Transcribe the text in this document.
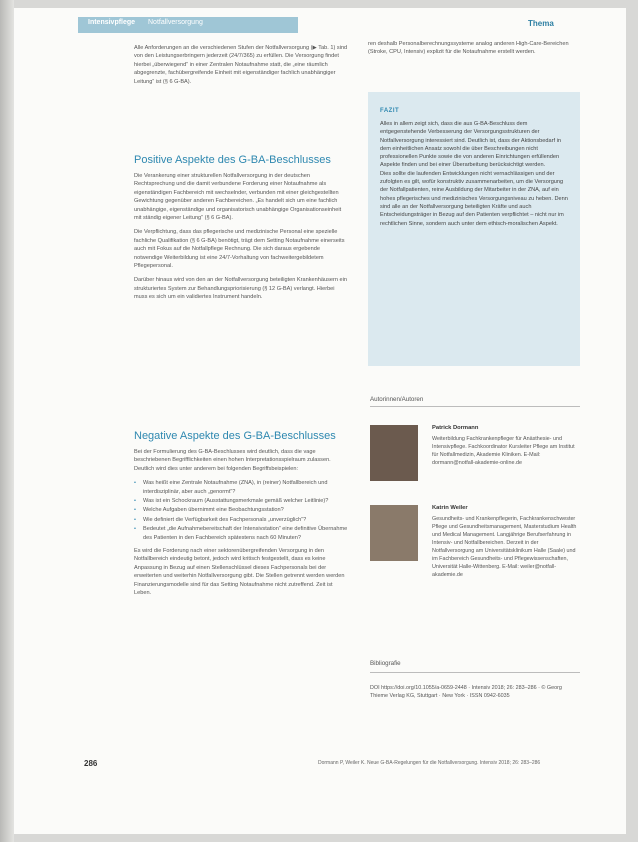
Intensivpflege Notfallversorgung	Thema

Alle Anforderungen an die verschiedenen Stufen der Notfallversorgung (▶ Tab. 1) sind von den Leistungserbringern jederzeit (24/7/365) zu erfüllen. Die Versorgung findet hierbei „überwiegend“ in einer Zentralen Notaufnahme statt, die „eine räumlich abgegrenzte, fachübergreifende Einheit mit eigenständiger fachlich unabhängiger Leitung“ ist (§ 6 G-BA).

Positive Aspekte des G-BA-Beschlusses

Die Verankerung einer strukturellen Notfallversorgung in der deutschen Rechtsprechung und die damit verbundene Forderung einer Notaufnahme als eigenständigen Fachbereich mit wechselnder, verbunden mit einer gleichgestellten Gewichtung gegenüber anderen Fachbereichen. „Es handelt sich um eine fachlich unabhängige, eigenständige und organisatorisch unabhängige Organisationseinheit mit ständig eigener Leitung“ (§ 6 G-BA).

Die Verpflichtung, dass das pflegerische und medizinische Personal eine spezielle fachliche Qualifikation (§ 6 G-BA) benötigt, trägt dem Setting Notaufnahme einerseits auch mit Fokus auf die Notfallpflege Rechnung. Die sich daraus ergebende notwendige Weiterbildung ist eine 24/7-Vorhaltung von fachweitergebildetem Pflegepersonal.

Darüber hinaus wird von den an der Notfallversorgung beteiligten Krankenhäusern ein strukturiertes System zur Behandlungspriorisierung (§ 12 G-BA) verlangt. Hierbei muss es sich um ein validiertes Instrument handeln.

Negative Aspekte des G-BA-Beschlusses

Bei der Formulierung des G-BA-Beschlusses wird deutlich, dass die vage beschriebenen Begrifflichkeiten einen hohen Interpretationsspielraum zulassen. Deutlich wird dies unter anderem bei folgenden Begriffsbeispielen:

• Was heißt eine Zentrale Notaufnahme (ZNA), in (reiner) Notfallbereich und interdisziplinär, aber auch „genormt“?
• Was ist ein Schockraum (Ausstattungsmerkmale gemäß welcher Leitlinie)?
• Welche Aufgaben übernimmt eine Beobachtungsstation?
• Wie definiert die Verfügbarkeit des Fachpersonals „unverzüglich“?
• Bedeutet „die Aufnahmebereitschaft der Intensivstation“ eine definitive Übernahme des Patienten in den Fachbereich spätestens nach 60 Minuten?

Es wird die Forderung nach einer sektorenübergreifenden Versorgung in den Notfallbereich eindeutig betont, jedoch wird kritisch festgestellt, dass es keine Anpassung in Bezug auf einen Stellenschlüssel dieses Fachpersonals bei der erweiterten und weiterhin Notfallversorgung gibt. Die Stellen getrennt werden werden Finanzierungsmodelle sind für das Setting Notaufnahme nicht zutreffend. Zeit ist Leben.

ren deshalb Personalberechnungssysteme analog anderen High-Care-Bereichen (Stroke, CPU, Intensiv) explizit für die Notaufnahme erstellt werden.

FAZIT

Alles in allem zeigt sich, dass die aus G-BA-Beschluss dem entgegenstehende Verbesserung der Versorgungsstrukturen der Notfallversorgung interessiert sind. Deutlich ist, dass der Aktionsbedarf in dem einheitlichen Ansatz sowohl die über Beschreibungen nicht professionellen Punkte sowie die von anderen Einrichtungen erfüllenden Aspekte finden und bei einer Überarbeitung berücksichtigt werden.

Dies sollte die laufenden Entwicklungen nicht vernachlässigen und der zufolgten es gilt, wofür konstruktiv zusammenarbeiten, um die Versorgung der Notfallpatienten, reine Ausbildung der Mitarbeiter in der ZNA, auf ein hohes pflegerisches und medizinisches Versorgungsniveau zu heben. Denn sind alle an der Notfallversorgung beteiligten Kräfte und auch Entscheidungsträger in Bezug auf den Patienten verpflichtet – nicht nur im rechtlichen Sinne, sondern auch unter dem ethisch-moralischen Aspekt.

Autorinnen/Autoren
Patrick Dormann
Weiterbildung Fachkrankenpfleger für Anästhesie- und Intensivpflege. Fachkoordinator Kursleiter Pflege am Institut für Notfallmedizin, Akademie Kliniken. E-Mail: dormann@notfall-akademie-online.de
Katrin Weiler
Gesundheits- und Krankenpflegerin, Fachkrankenschwester Pflege und Gesundheitsmanagement, Masterstudium Health und Medical Management. Langjährige Berufserfahrung in Intensiv- und Notfallbereichen. Derzeit in der Notfallversorgung am Universitätsklinikum Halle (Saale) und im Fachbereich Gesundheits- und Pflegewissenschaften, Universität Halle-Wittenberg. E-Mail: weiler@notfall-akademie.de
Bibliografie
DOI https://doi.org/10.1055/a-0659-2448 · Intensiv 2018; 26: 283–286 · © Georg Thieme Verlag KG, Stuttgart · New York · ISSN 0942-6035
286	Dormann P, Weiler K. Neue G-BA-Regelungen für die Notfallversorgung. Intensiv 2018; 26: 283–286
